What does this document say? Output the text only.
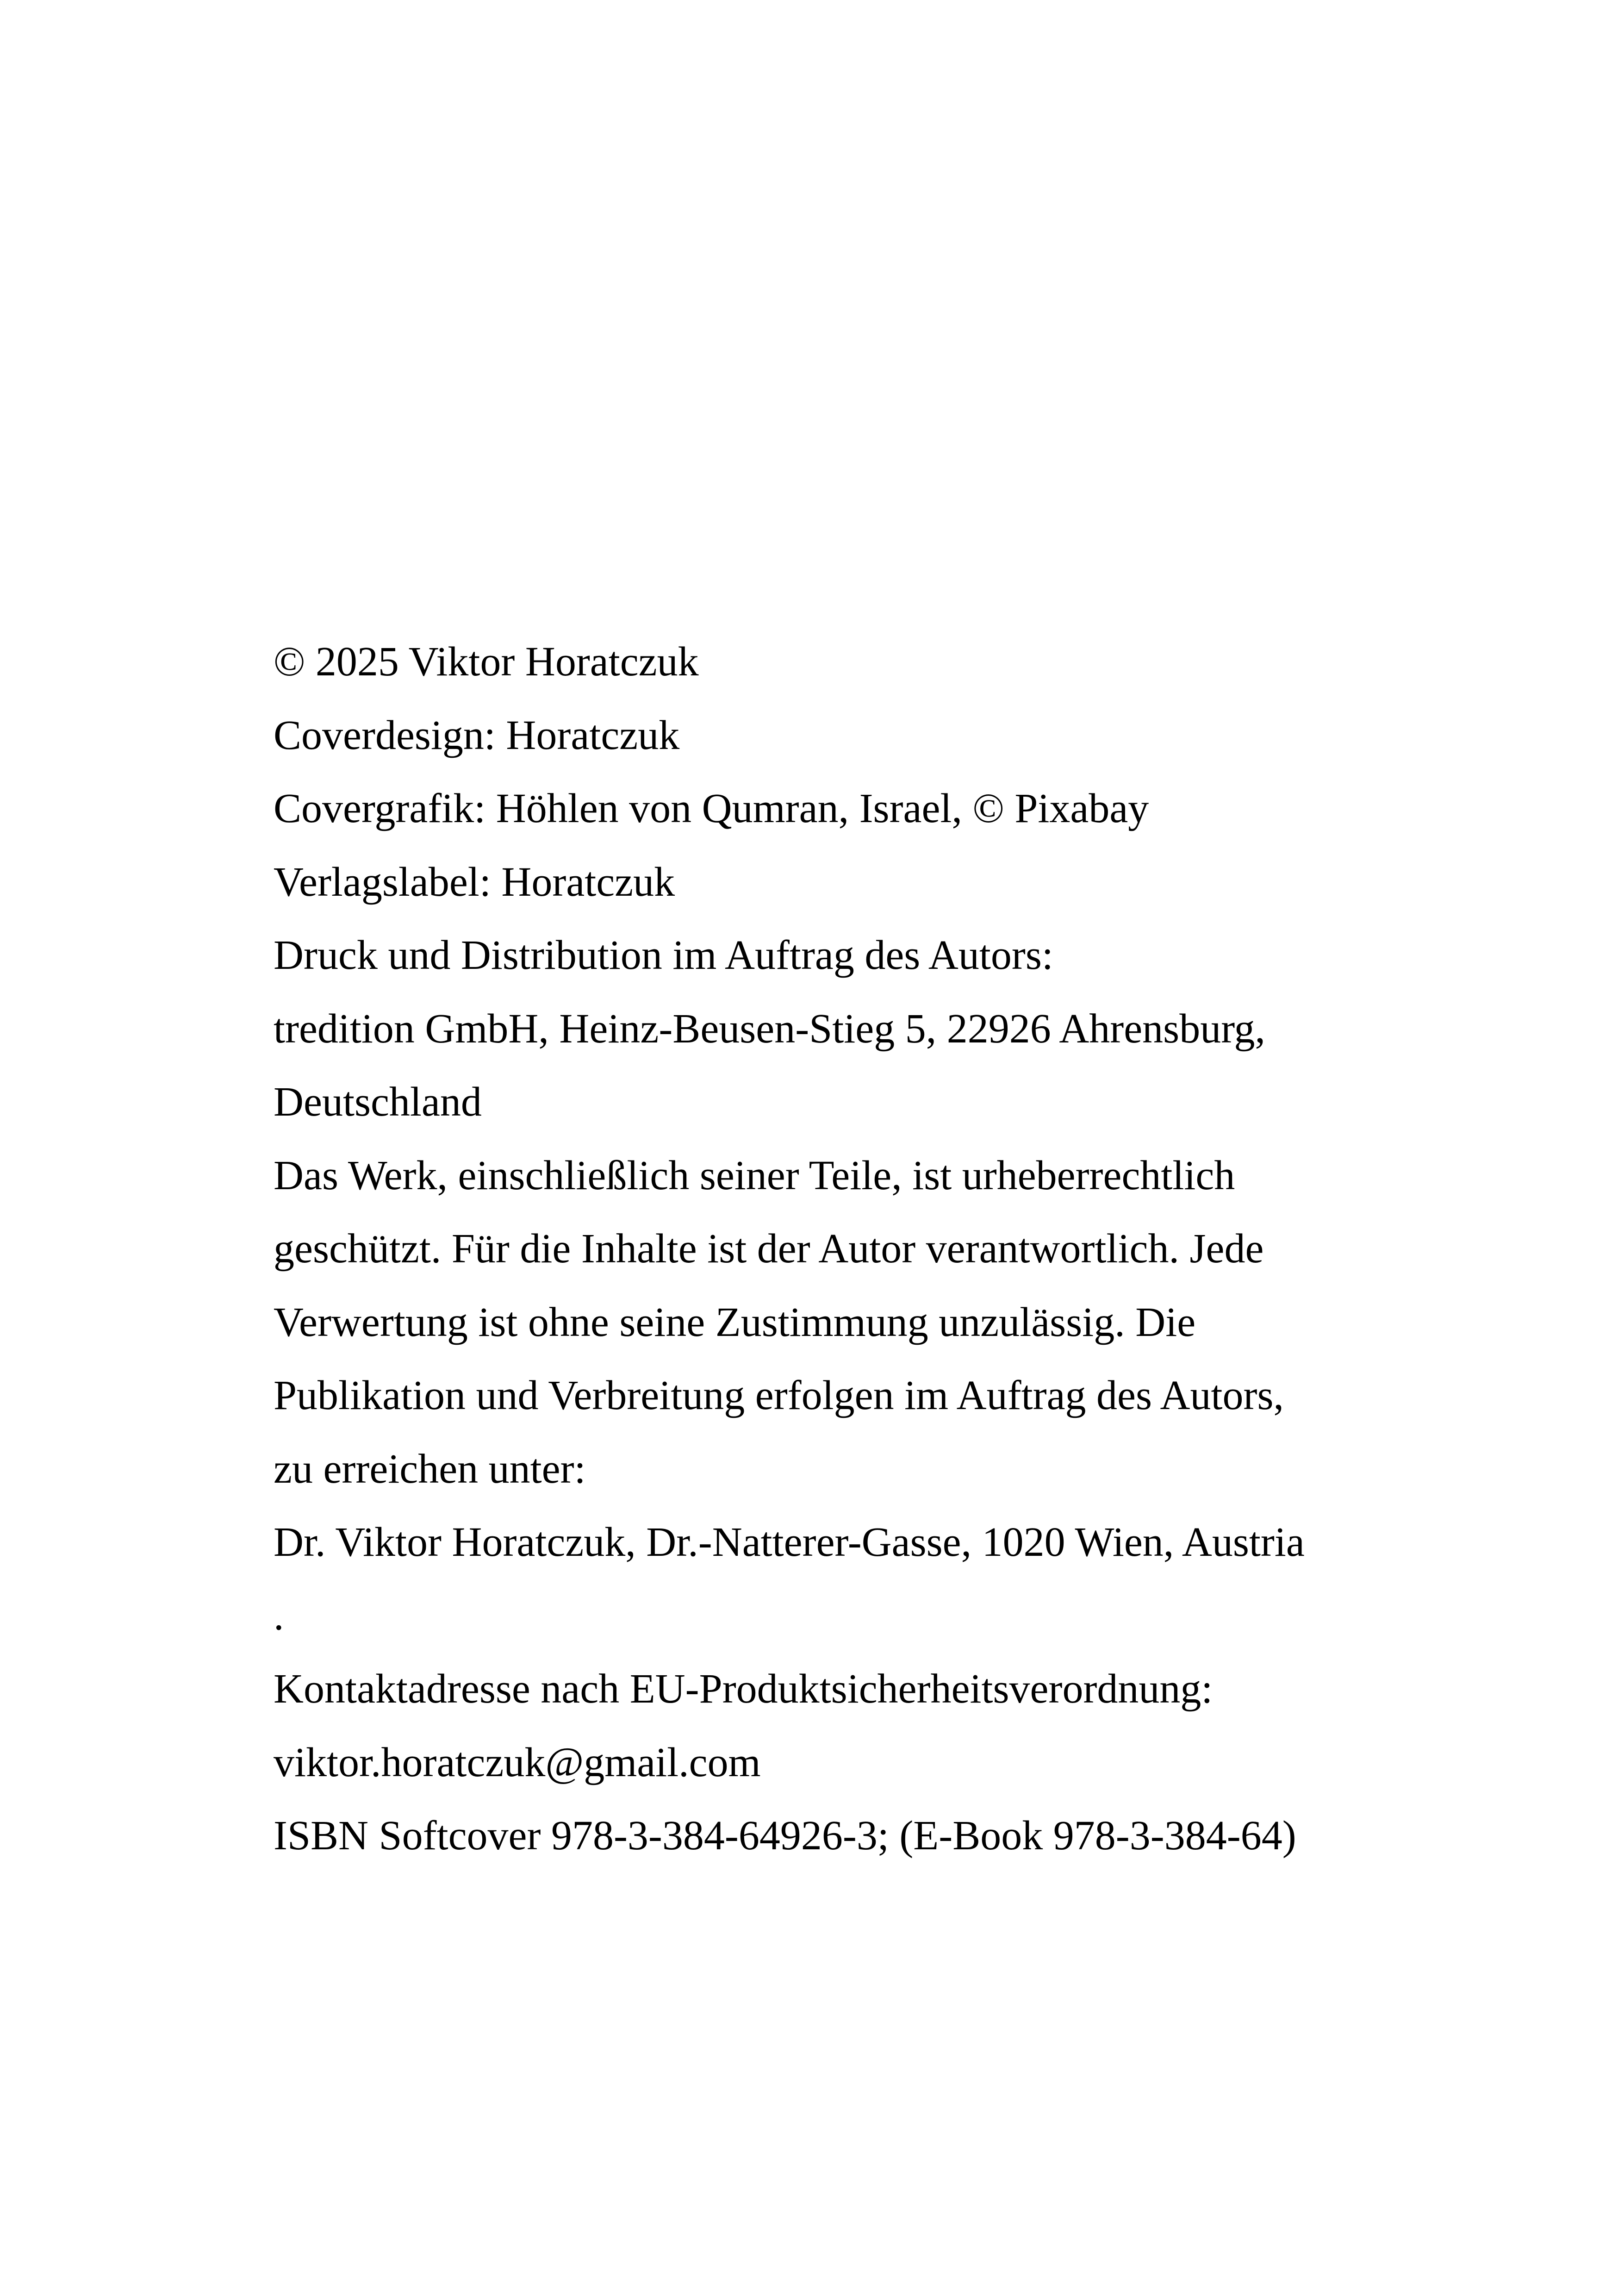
© 2025 Viktor Horatczuk
Coverdesign: Horatczuk
Covergrafik: Höhlen von Qumran, Israel, © Pixabay
Verlagslabel: Horatczuk
Druck und Distribution im Auftrag des Autors:
tredition GmbH, Heinz-Beusen-Stieg 5, 22926 Ahrensburg,
Deutschland
Das Werk, einschließlich seiner Teile, ist urheberrechtlich
geschützt. Für die Inhalte ist der Autor verantwortlich. Jede
Verwertung ist ohne seine Zustimmung unzulässig. Die
Publikation und Verbreitung erfolgen im Auftrag des Autors,
zu erreichen unter:
Dr. Viktor Horatczuk, Dr.-Natterer-Gasse, 1020 Wien, Austria
.
Kontaktadresse nach EU-Produktsicherheitsverordnung:
viktor.horatczuk@gmail.com
ISBN Softcover 978-3-384-64926-3; (E-Book 978-3-384-64)
